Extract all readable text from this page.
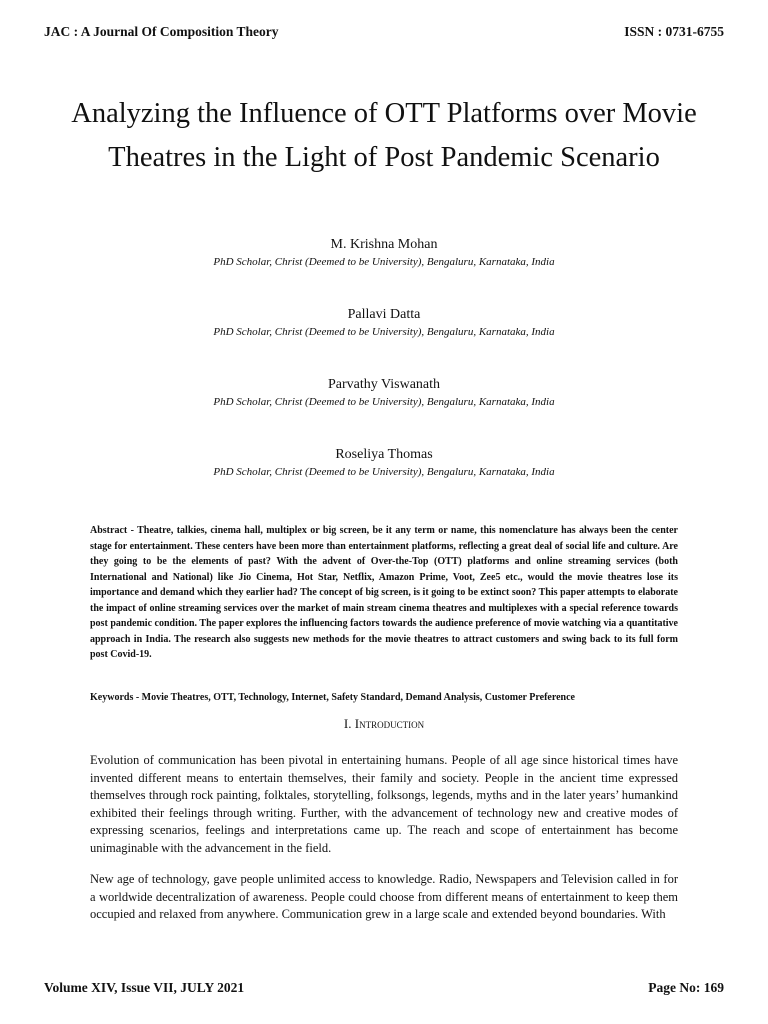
JAC : A Journal Of Composition Theory	ISSN : 0731-6755
Analyzing the Influence of OTT Platforms over Movie Theatres in the Light of Post Pandemic Scenario
M. Krishna Mohan
PhD Scholar, Christ (Deemed to be University), Bengaluru, Karnataka, India
Pallavi Datta
PhD Scholar, Christ (Deemed to be University), Bengaluru, Karnataka, India
Parvathy Viswanath
PhD Scholar, Christ (Deemed to be University), Bengaluru, Karnataka, India
Roseliya Thomas
PhD Scholar, Christ (Deemed to be University), Bengaluru, Karnataka, India

Abstract - Theatre, talkies, cinema hall, multiplex or big screen, be it any term or name, this nomenclature has always been the center stage for entertainment. These centers have been more than entertainment platforms, reflecting a great deal of social life and culture. Are they going to be the elements of past? With the advent of Over-the-Top (OTT) platforms and online streaming services (both International and National) like Jio Cinema, Hot Star, Netflix, Amazon Prime, Voot, Zee5 etc., would the movie theatres lose its importance and demand which they earlier had? The concept of big screen, is it going to be extinct soon? This paper attempts to elaborate the impact of online streaming services over the market of main stream cinema theatres and multiplexes with a special reference towards post pandemic condition. The paper explores the influencing factors towards the audience preference of movie watching via a quantitative approach in India. The research also suggests new methods for the movie theatres to attract customers and swing back to its full form post Covid-19.

Keywords - Movie Theatres, OTT, Technology, Internet, Safety Standard, Demand Analysis, Customer Preference

I. Introduction

Evolution of communication has been pivotal in entertaining humans. People of all age since historical times have invented different means to entertain themselves, their family and society. People in the ancient time expressed themselves through rock painting, folktales, storytelling, folksongs, legends, myths and in the later years’ humankind exhibited their feelings through writing. Further, with the advancement of technology new and creative modes of expressing scenarios, feelings and interpretations came up. The reach and scope of entertainment has become unimaginable with the advancement in the field.

New age of technology, gave people unlimited access to knowledge. Radio, Newspapers and Television called in for a worldwide decentralization of awareness. People could choose from different means of entertainment to keep them occupied and relaxed from anywhere. Communication grew in a large scale and extended beyond boundaries. With

Volume XIV, Issue VII, JULY 2021	Page No: 169
